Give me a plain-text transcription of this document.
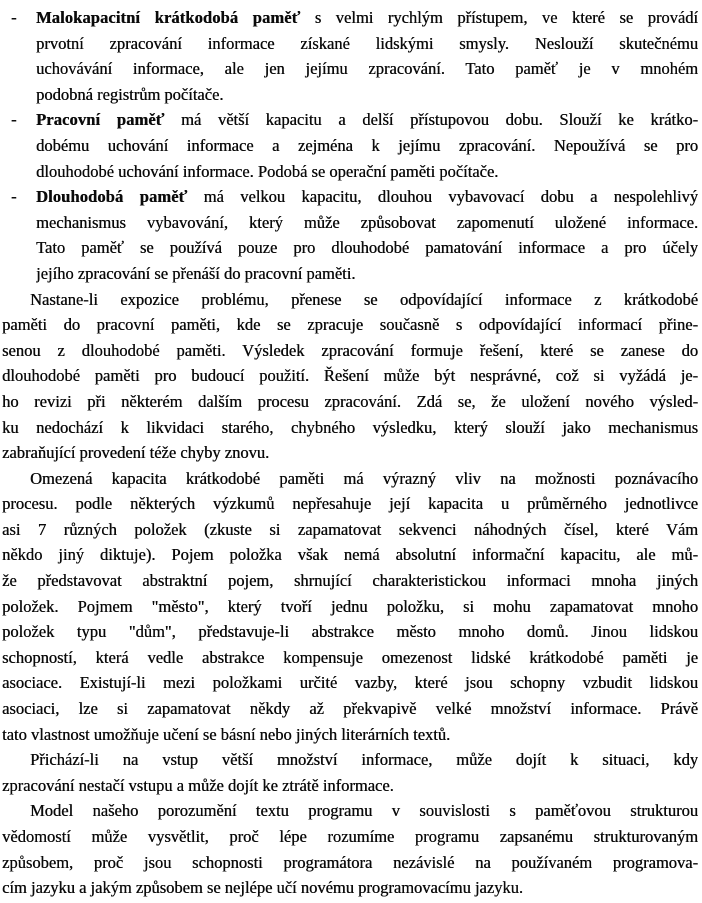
- Malokapacitní krátkodobá paměť s velmi rychlým přístupem, ve které se provádí
prvotní zpracování informace získané lidskými smysly. Neslouží skutečnému
uchovávání informace, ale jen jejímu zpracování. Tato paměť je v mnohém
podobná registrům počítače.
- Pracovní paměť má větší kapacitu a delší přístupovou dobu. Slouží ke krátko-
dobému uchování informace a zejména k jejímu zpracování. Nepoužívá se pro
dlouhodobé uchování informace. Podobá se operační paměti počítače.
- Dlouhodobá paměť má velkou kapacitu, dlouhou vybavovací dobu a nespolehlivý
mechanismus vybavování, který může způsobovat zapomenutí uložené informace.
Tato paměť se používá pouze pro dlouhodobé pamatování informace a pro účely
jejího zpracování se přenáší do pracovní paměti.
Nastane-li expozice problému, přenese se odpovídající informace z krátkodobé
paměti do pracovní paměti, kde se zpracuje současně s odpovídající informací přine-
senou z dlouhodobé paměti. Výsledek zpracování formuje řešení, které se zanese do
dlouhodobé paměti pro budoucí použití. Řešení může být nesprávné, což si vyžádá je-
ho revizi při některém dalším procesu zpracování. Zdá se, že uložení nového výsled-
ku nedochází k likvidaci starého, chybného výsledku, který slouží jako mechanismus
zabraňující provedení téže chyby znovu.
Omezená kapacita krátkodobé paměti má výrazný vliv na možnosti poznávacího
procesu. podle některých výzkumů nepřesahuje její kapacita u průměrného jednotlivce
asi 7 různých položek (zkuste si zapamatovat sekvenci náhodných čísel, které Vám
někdo jiný diktuje). Pojem položka však nemá absolutní informační kapacitu, ale mů-
že představovat abstraktní pojem, shrnující charakteristickou informaci mnoha jiných
položek. Pojmem "město", který tvoří jednu položku, si mohu zapamatovat mnoho
položek typu "dům", představuje-li abstrakce město mnoho domů. Jinou lidskou
schopností, která vedle abstrakce kompensuje omezenost lidské krátkodobé paměti je
asociace. Existují-li mezi položkami určité vazby, které jsou schopny vzbudit lidskou
asociaci, lze si zapamatovat někdy až překvapivě velké množství informace. Právě
tato vlastnost umožňuje učení se básní nebo jiných literárních textů.
Přichází-li na vstup větší množství informace, může dojít k situaci, kdy
zpracování nestačí vstupu a může dojít ke ztrátě informace.
Model našeho porozumění textu programu v souvislosti s paměťovou strukturou
vědomostí může vysvětlit, proč lépe rozumíme programu zapsanému strukturovaným
způsobem, proč jsou schopnosti programátora nezávislé na používaném programova-
cím jazyku a jakým způsobem se nejlépe učí novému programovacímu jazyku.
